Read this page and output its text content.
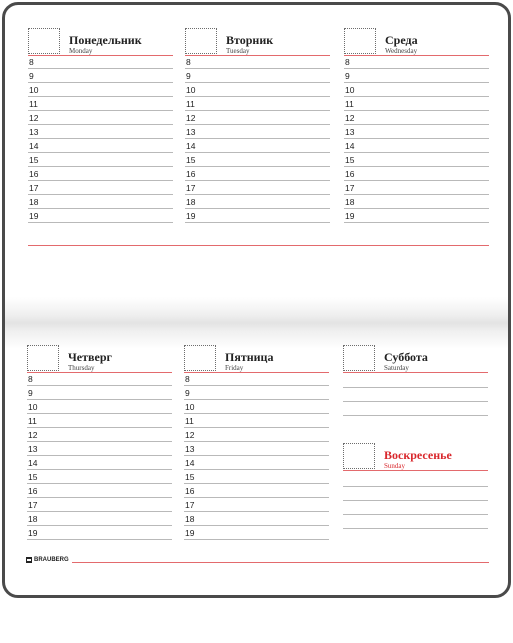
Понедельник
Monday
8
9
10
11
12
13
14
15
16
17
18
19
Вторник
Tuesday
8
9
10
11
12
13
14
15
16
17
18
19
Среда
Wednesday
8
9
10
11
12
13
14
15
16
17
18
19
Четверг
Thursday
8
9
10
11
12
13
14
15
16
17
18
19
Пятница
Friday
8
9
10
11
12
13
14
15
16
17
18
19
Суббота
Saturday
Воскресенье
Sunday
BRAUBERG
